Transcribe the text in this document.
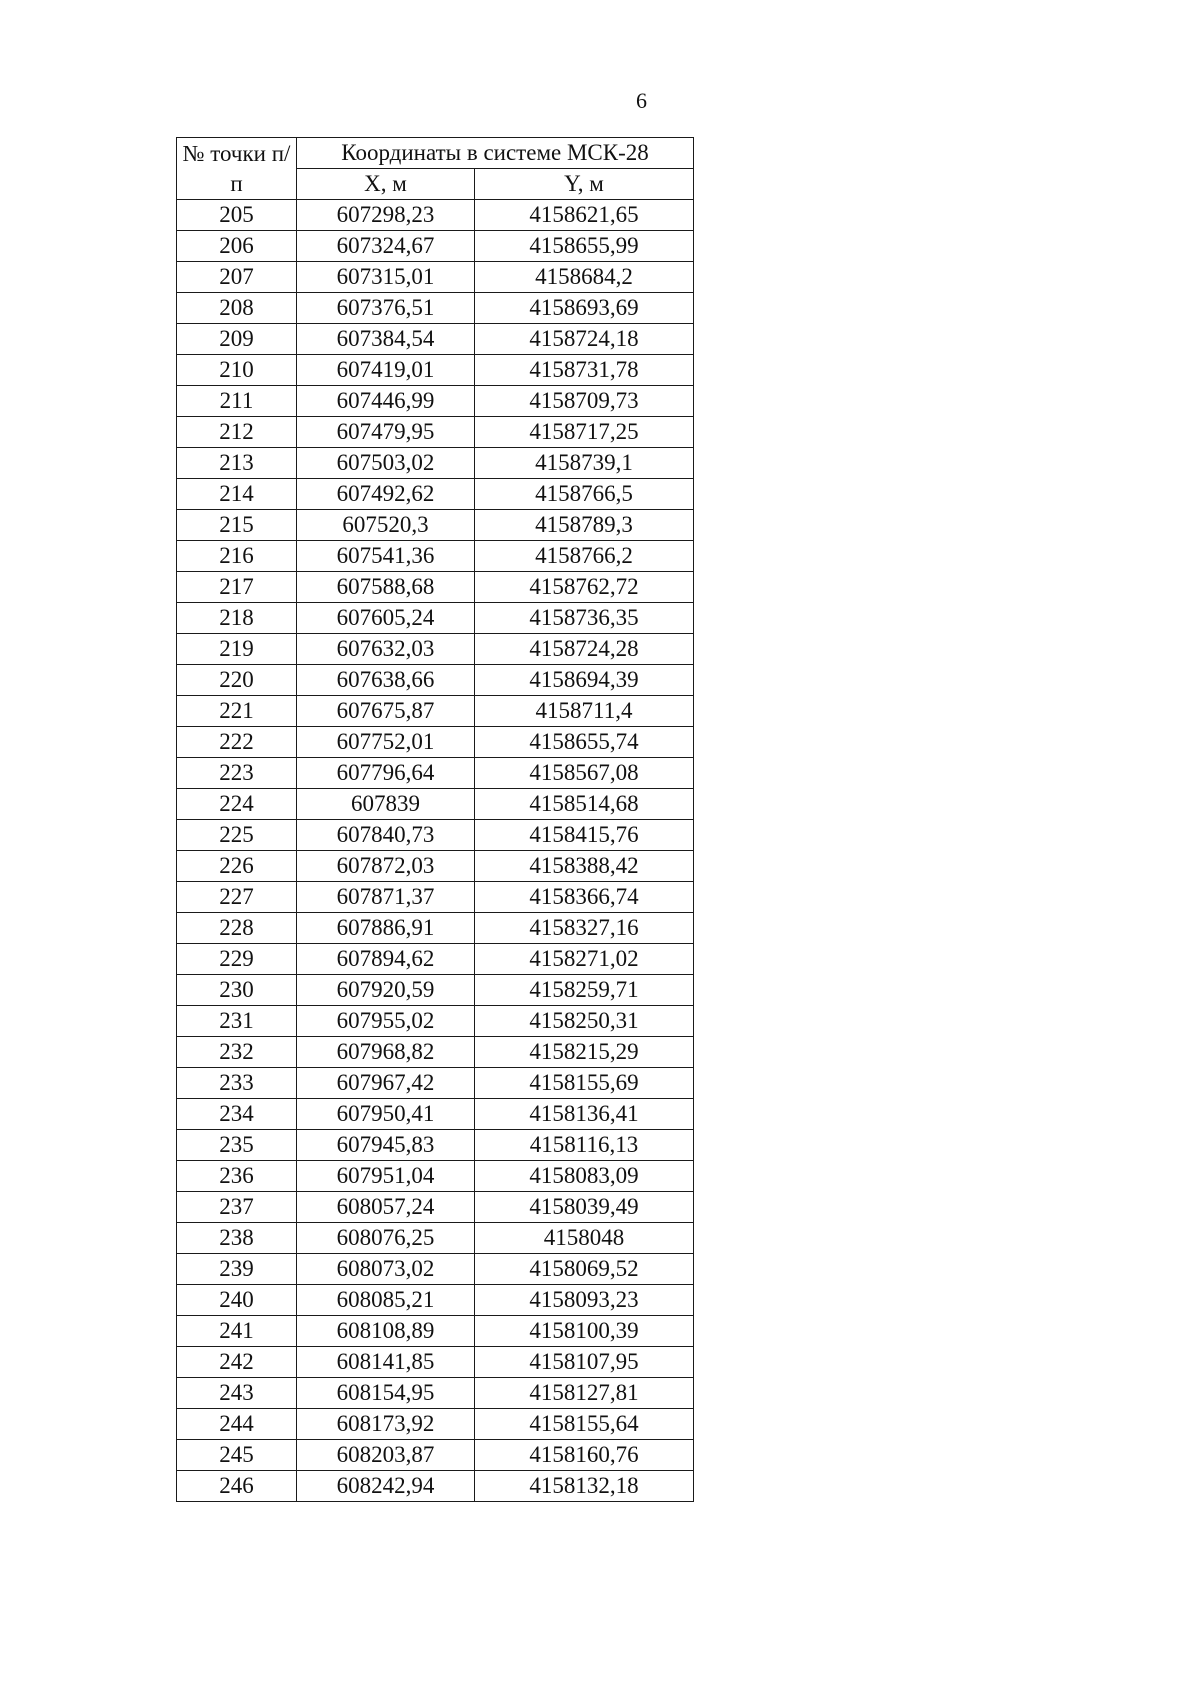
6
№ точки п/п	Координаты в системе МСК-28	
	X, м	Y, м
205	607298,23	4158621,65
206	607324,67	4158655,99
207	607315,01	4158684,2
208	607376,51	4158693,69
209	607384,54	4158724,18
210	607419,01	4158731,78
211	607446,99	4158709,73
212	607479,95	4158717,25
213	607503,02	4158739,1
214	607492,62	4158766,5
215	607520,3	4158789,3
216	607541,36	4158766,2
217	607588,68	4158762,72
218	607605,24	4158736,35
219	607632,03	4158724,28
220	607638,66	4158694,39
221	607675,87	4158711,4
222	607752,01	4158655,74
223	607796,64	4158567,08
224	607839	4158514,68
225	607840,73	4158415,76
226	607872,03	4158388,42
227	607871,37	4158366,74
228	607886,91	4158327,16
229	607894,62	4158271,02
230	607920,59	4158259,71
231	607955,02	4158250,31
232	607968,82	4158215,29
233	607967,42	4158155,69
234	607950,41	4158136,41
235	607945,83	4158116,13
236	607951,04	4158083,09
237	608057,24	4158039,49
238	608076,25	4158048
239	608073,02	4158069,52
240	608085,21	4158093,23
241	608108,89	4158100,39
242	608141,85	4158107,95
243	608154,95	4158127,81
244	608173,92	4158155,64
245	608203,87	4158160,76
246	608242,94	4158132,18
